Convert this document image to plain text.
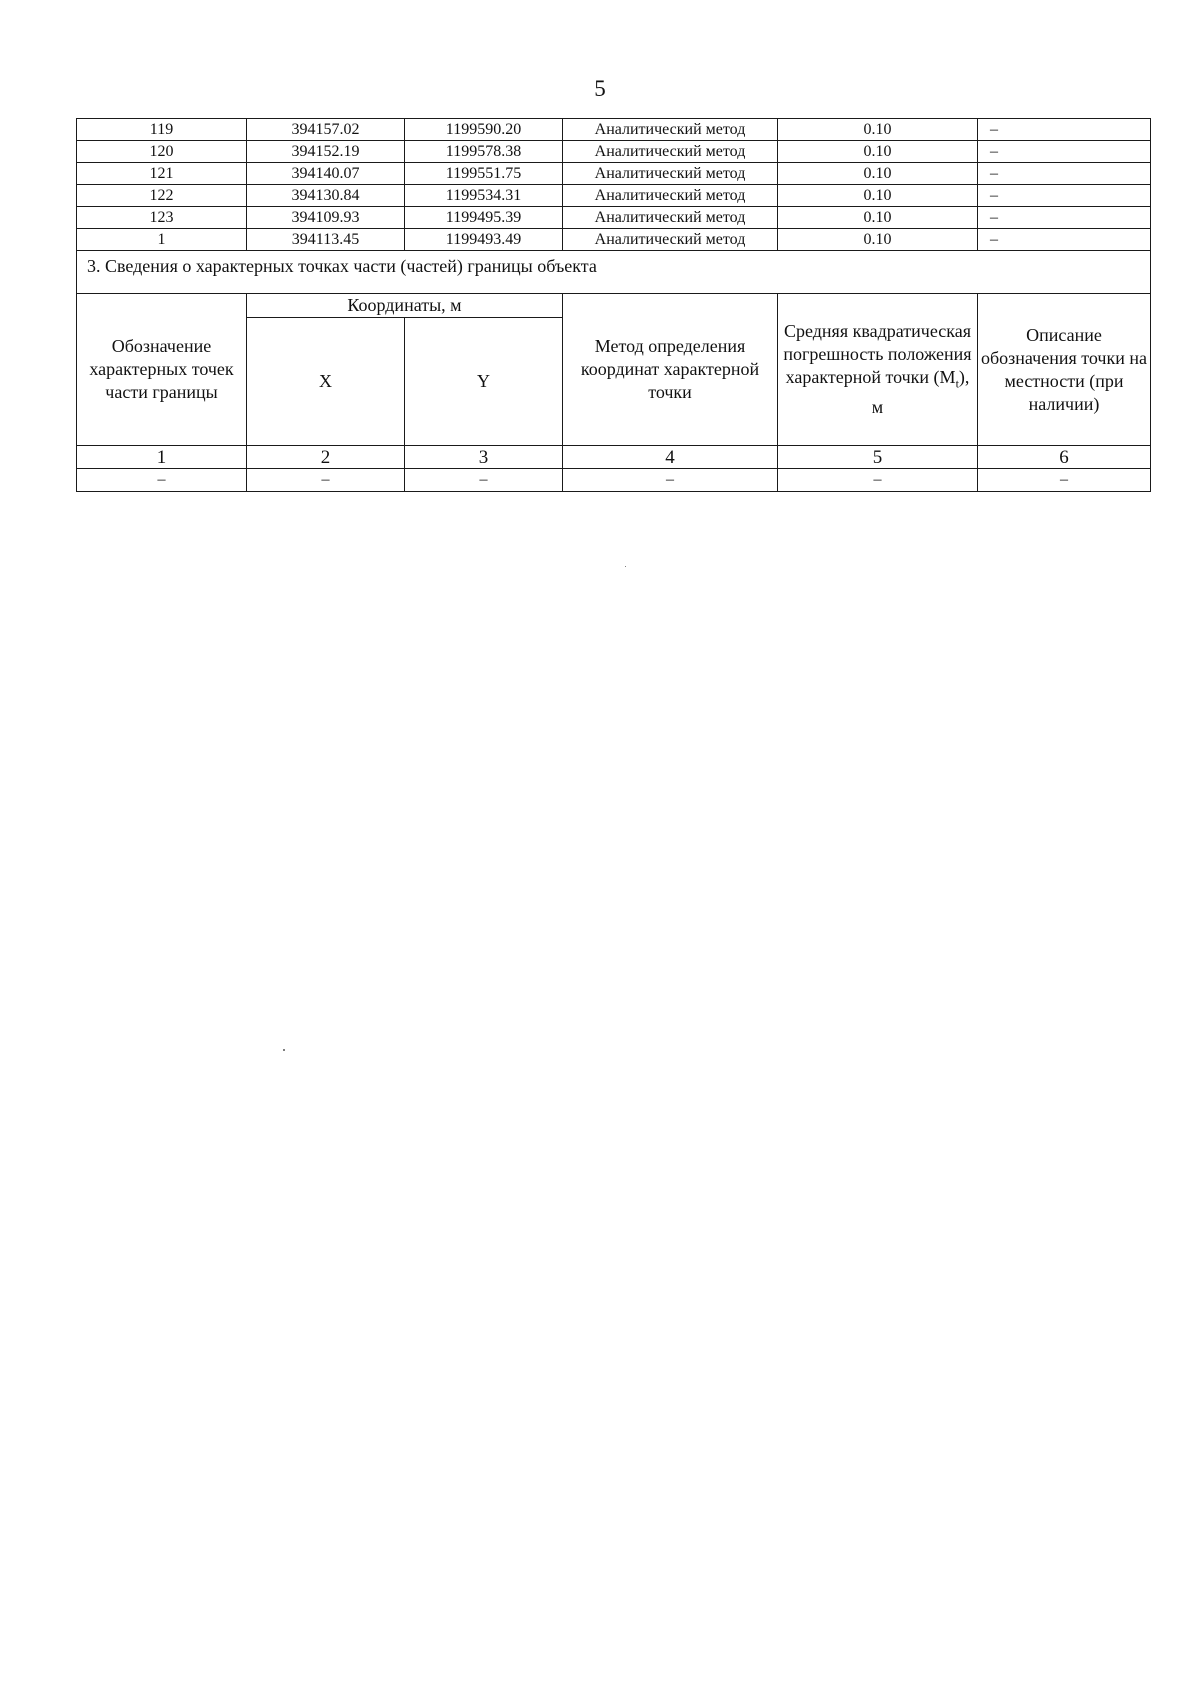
5
119	394157.02	1199590.20	Аналитический метод	0.10	–
120	394152.19	1199578.38	Аналитический метод	0.10	–
121	394140.07	1199551.75	Аналитический метод	0.10	–
122	394130.84	1199534.31	Аналитический метод	0.10	–
123	394109.93	1199495.39	Аналитический метод	0.10	–
1	394113.45	1199493.49	Аналитический метод	0.10	–
3. Сведения о характерных точках части (частей) границы объекта					
Обозначение характерных точек части границы	Координаты, м		Метод определения координат характерной точки	Средняя квадратическая погрешность положения характерной точки $(M_t)$, м	Описание обозначения точки на местности (при наличии)
	X	Y			
1	2	3	4	5	6
–	–	–	–	–	–
